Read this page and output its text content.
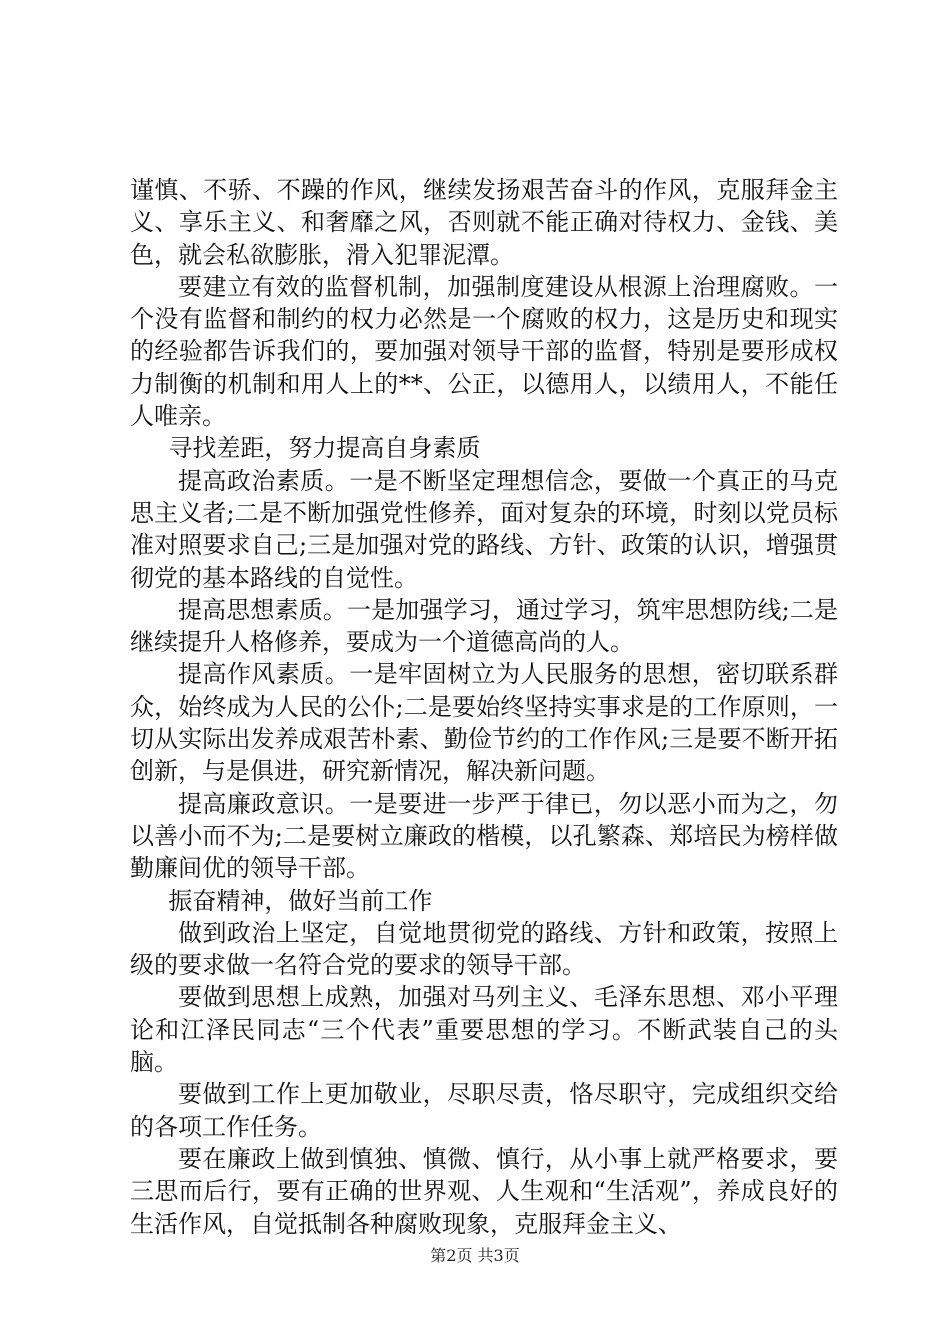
谨慎、不骄、不躁的作风，继续发扬艰苦奋斗的作风，克服拜金主义、享乐主义、和奢靡之风，否则就不能正确对待权力、金钱、美色，就会私欲膨胀，滑入犯罪泥潭。

要建立有效的监督机制，加强制度建设从根源上治理腐败。一个没有监督和制约的权力必然是一个腐败的权力，这是历史和现实的经验都告诉我们的，要加强对领导干部的监督，特别是要形成权力制衡的机制和用人上的**、公正，以德用人，以绩用人，不能任人唯亲。

寻找差距，努力提高自身素质

提高政治素质。一是不断坚定理想信念，要做一个真正的马克思主义者;二是不断加强党性修养，面对复杂的环境，时刻以党员标准对照要求自己;三是加强对党的路线、方针、政策的认识，增强贯彻党的基本路线的自觉性。

提高思想素质。一是加强学习，通过学习，筑牢思想防线;二是继续提升人格修养，要成为一个道德高尚的人。

提高作风素质。一是牢固树立为人民服务的思想，密切联系群众，始终成为人民的公仆;二是要始终坚持实事求是的工作原则，一切从实际出发养成艰苦朴素、勤俭节约的工作作风;三是要不断开拓创新，与是俱进，研究新情况，解决新问题。

提高廉政意识。一是要进一步严于律已，勿以恶小而为之，勿以善小而不为;二是要树立廉政的楷模，以孔繁森、郑培民为榜样做勤廉间优的领导干部。

振奋精神，做好当前工作

做到政治上坚定，自觉地贯彻党的路线、方针和政策，按照上级的要求做一名符合党的要求的领导干部。

要做到思想上成熟，加强对马列主义、毛泽东思想、邓小平理论和江泽民同志“三个代表”重要思想的学习。不断武装自己的头脑。

要做到工作上更加敬业，尽职尽责，恪尽职守，完成组织交给的各项工作任务。

要在廉政上做到慎独、慎微、慎行，从小事上就严格要求，要三思而后行，要有正确的世界观、人生观和“生活观”，养成良好的生活作风，自觉抵制各种腐败现象，克服拜金主义、

第2页 共3页
